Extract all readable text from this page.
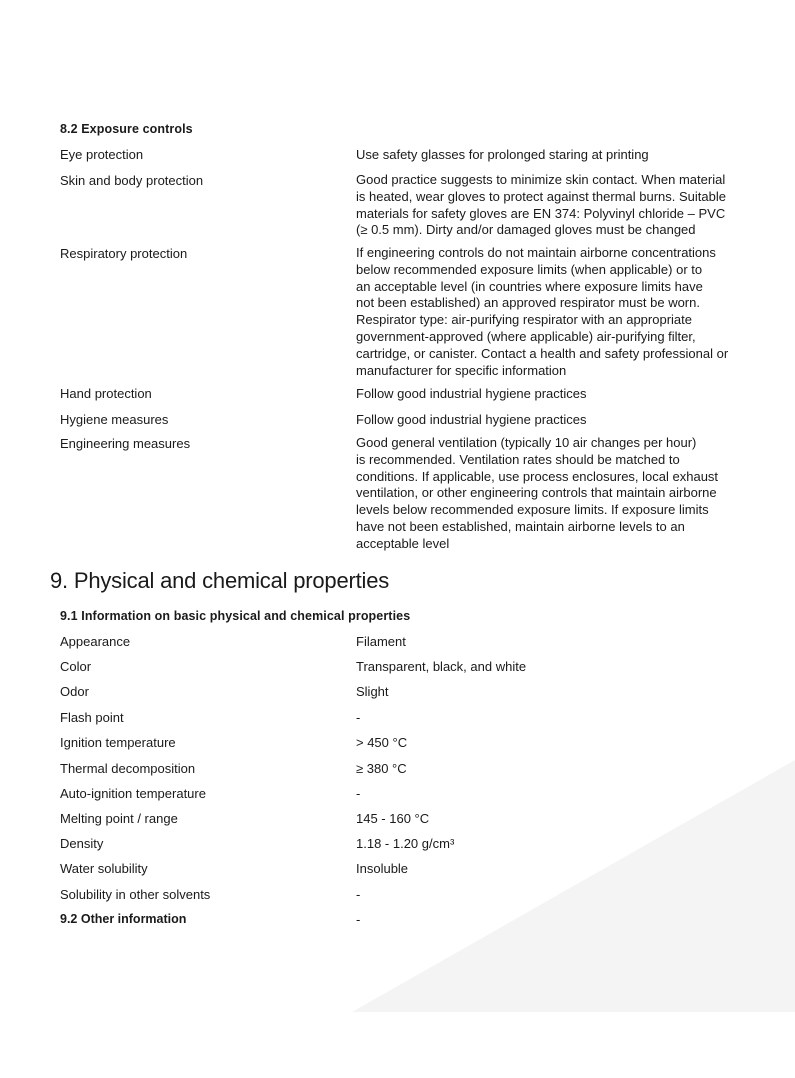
8.2 Exposure controls
Eye protection	Use safety glasses for prolonged staring at printing
Skin and body protection	Good practice suggests to minimize skin contact. When material
is heated, wear gloves to protect against thermal burns. Suitable
materials for safety gloves are EN 374: Polyvinyl chloride – PVC
(≥ 0.5 mm). Dirty and/or damaged gloves must be changed
Respiratory protection	If engineering controls do not maintain airborne concentrations
below recommended exposure limits (when applicable) or to
an acceptable level (in countries where exposure limits have
not been established) an approved respirator must be worn.
Respirator type: air-purifying respirator with an appropriate
government-approved (where applicable) air-purifying filter,
cartridge, or canister. Contact a health and safety professional or
manufacturer for specific information
Hand protection	Follow good industrial hygiene practices
Hygiene measures	Follow good industrial hygiene practices
Engineering measures	Good general ventilation (typically 10 air changes per hour)
is recommended. Ventilation rates should be matched to
conditions. If applicable, use process enclosures, local exhaust
ventilation, or other engineering controls that maintain airborne
levels below recommended exposure limits. If exposure limits
have not been established, maintain airborne levels to an
acceptable level
9. Physical and chemical properties
9.1 Information on basic physical and chemical properties
Appearance	Filament
Color	Transparent, black, and white
Odor	Slight
Flash point	-
Ignition temperature	> 450 °C
Thermal decomposition	≥ 380 °C
Auto-ignition temperature	-
Melting point / range	145 - 160 °C
Density	1.18 - 1.20 g/cm³
Water solubility	Insoluble
Solubility in other solvents	-
9.2 Other information	-
